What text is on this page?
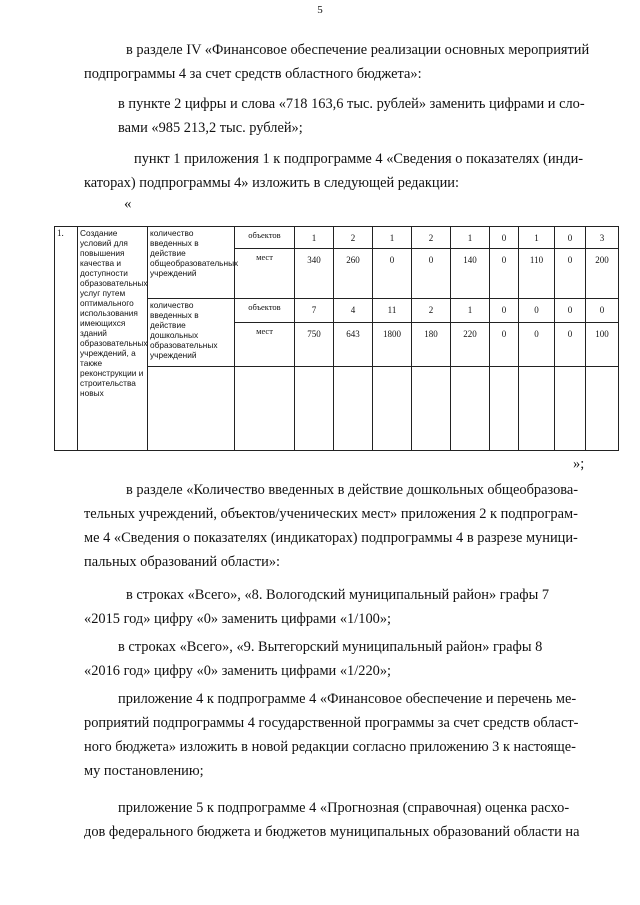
5
в разделе IV «Финансовое обеспечение реализации основных мероприятий
подпрограммы 4 за счет средств областного бюджета»:
в пункте 2 цифры и слова «718 163,6 тыс. рублей» заменить цифрами и сло-
вами «985 213,2 тыс. рублей»;
пункт 1 приложения 1 к подпрограмме 4 «Сведения о показателях (инди-
каторах) подпрограммы 4» изложить в следующей редакции:
«
1.	Создание условий для повышения качества и доступности образовательных услуг путем оптимального использования имеющихся зданий образовательных учреждений, а также реконструкции и строительства новых	количество введенных в действие общеобразовательных учреждений	объектов	1	2	1	2	1	0	1	0	3
			мест	340	260	0	0	140	0	110	0	200
		количество введенных в действие дошкольных образовательных учреждений	объектов	7	4	11	2	1	0	0	0	0
			мест	750	643	1800	180	220	0	0	0	100

»;
в разделе «Количество введенных в действие дошкольных общеобразова-
тельных учреждений, объектов/ученических мест» приложения 2 к подпрограм-
ме 4 «Сведения о показателях (индикаторах) подпрограммы 4 в разрезе муници-
пальных образований области»:
в строках «Всего», «8. Вологодский муниципальный район» графы 7
«2015 год» цифру «0» заменить цифрами «1/100»;
в строках «Всего», «9. Вытегорский муниципальный район» графы 8
«2016 год» цифру «0» заменить цифрами «1/220»;
приложение 4 к подпрограмме 4 «Финансовое обеспечение и перечень ме-
роприятий подпрограммы 4 государственной программы за счет средств област-
ного бюджета» изложить в новой редакции согласно приложению 3 к настояще-
му постановлению;
приложение 5 к подпрограмме 4 «Прогнозная (справочная) оценка расхо-
дов федерального бюджета и бюджетов муниципальных образований области на
